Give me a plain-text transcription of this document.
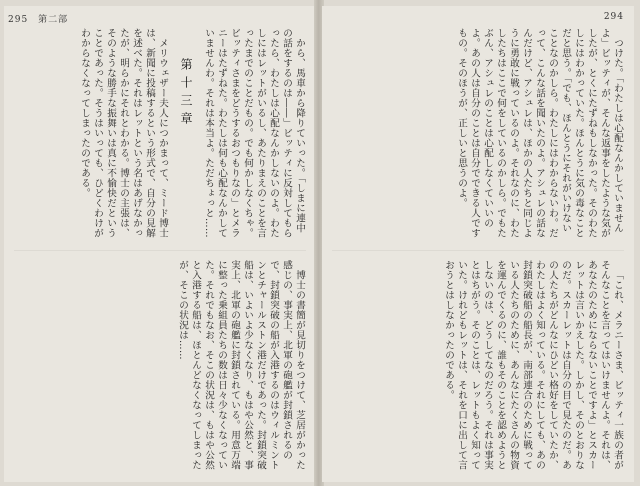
295 第二部

から、馬車から降りていった。「しまに連中の話をするのは――」ビッティに反対してもらったら、わたしは心配なんかしないのよ。わたしにはレットがいるし、あたりまえのことを言ったまでのことだもの。でも何かしなくちゃ。ビッティさまをどうするおつもりなの」とメラニーはたずねた。わたしは何も心配なんかしていませんわ。それは本当よ。ただちょっと……

第十三章

メリウェザー夫人につかまって、ミード博士は、新聞に投稿するという形式で、自分の見解を述べた。それはレットという名はあげなかったが、明らかにそれとわかる。博士の主張は、そのような勝手な振舞いは真に不愉快だということであった。そうはいっても、ひどくわけがわからなくなってしまったのである。

博士の書簡が見切りをつけて、芝居がかった感じの、事実上、北軍の砲艦が封鎖されるので、封鎖突破の船が入港するのはウィルミントンとチャールストン港だけであった。封鎖突破船は、いよいよ少なくなり、もはや公然と、事実上、北軍の砲艦に封鎖されている。用意万端に整った乗組員たちの数は日々少なくなっていた。それでもなお、そこの状況は、もはや公然と入港する船は、ほとんどなくなってしまったが、そこの状況は……

294

つけた。「わたしは心配なんかしていませんよ」ビッティが、そんな返事をしたような気がしたが、とくにたずねもしなかった。そのわたしにはわかっていた。ほんとうに気の毒なことだと思う。「でも、ほんとうにそれがいけないことなのかしら。わたしにはわからないわ。だって、こんな話を聞いたのよ。アシュレの話なんだけど、アシュレは、ほかの人たちと同じように勇敢に戦っているのよ。それなのに、わたしたちはここで何をしているのかしら。でもたぶん、アシュレのことは心配しなくていいのよ。あの人は自分のことは自分でできる人ですもの。そのほうが、正しいと思うのよ。

「これ、メラニーさま、ビッティ一族の者がそんなことを言ってはいけませんよ。それは、あなたのためにならないことですよ」とスカーレットは言いかえした。しかし、そのとおりなのだ。スカーレットは自分の目で見たのだ。あの人たちがどんなにひどい格好をしていたか、わたしはよく知っている。それにしても、あの封鎖突破船の船長が、南部連合のために戦っている人たちのために、あんなにたくさんの物資を運んでくるのに、誰もそのことを認めようとしないのは、どうしてなのだろう。それは事実とはちがう。そのことは、レットもよく知っていた。けれどもレットは、それを口に出して言おうとはしなかったのである。
